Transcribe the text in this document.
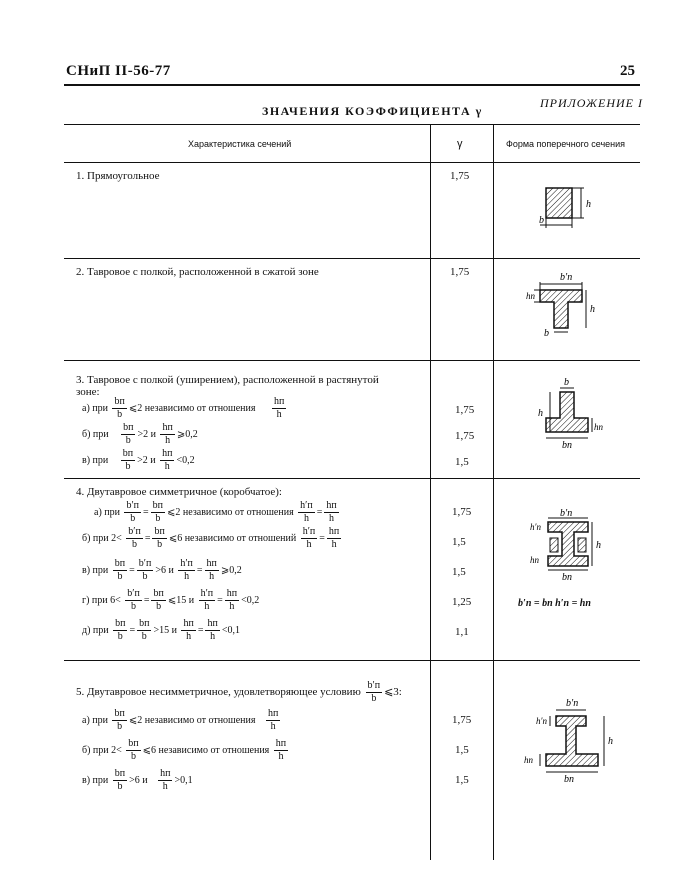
СНиП II-56-77	25
ПРИЛОЖЕНИЕ I
ЗНАЧЕНИЯ КОЭФФИЦИЕНТА γ
Характеристика сечений	γ	Форма поперечного сечения
1. Прямоугольное	1,75
h
b
2. Тавровое с полкой, расположенной в сжатой зоне	1,75	b′п
hп
h
b
3. Тавровое с полкой (уширением), расположенной в растянутой
зоне:
а) при $\frac{bп}{b}$ ⩽2 независимо от отношения $\frac{hп}{h}$	1,75
б) при $\frac{bп}{b} >2$ и $\frac{hп}{h}$ ⩾0,2	1,75
в) при $\frac{bп}{b} >2$ и $\frac{hп}{h} <0,2$	1,5
b
h
hп
bп
4. Двутавровое симметричное (коробчатое):
а) при $\frac{b'п}{b} = \frac{bп}{b}$ ⩽2 независимо от отношения $\frac{h'п}{h} = \frac{hп}{h}$	1,75
б) при $2< \frac{b'п}{b} = \frac{bп}{b}$ ⩽6 независимо от отношений $\frac{h'п}{h} = \frac{hп}{h}$	1,5
в) при $\frac{bп}{b} = \frac{b'п}{b} >6$ и $\frac{h'п}{h} = \frac{hп}{h}$ ⩾0,2	1,5
г) при $6< \frac{b'п}{b} = \frac{bп}{b}$ ⩽15 и $\frac{h'п}{h} = \frac{hп}{h} <0,2$	1,25
д) при $\frac{bп}{b} = \frac{bп}{b} >15$ и $\frac{hп}{h} = \frac{hп}{h} <0,1$	1,1
b′п
h′п
hп
h
bп
b′п = bп h′п = hп
5. Двутавровое несимметричное, удовлетворяющее условию $\frac{b'п}{b}$ ⩽3:
а) при $\frac{bп}{b}$ ⩽2 независимо от отношения $\frac{hп}{h}$	1,75
б) при $2< \frac{bп}{b}$ ⩽6 независимо от отношения $\frac{hп}{h}$	1,5
в) при $\frac{bп}{b} >6$ и $\frac{hп}{h} >0,1$	1,5
b′п
h′п
h
bп
hп
